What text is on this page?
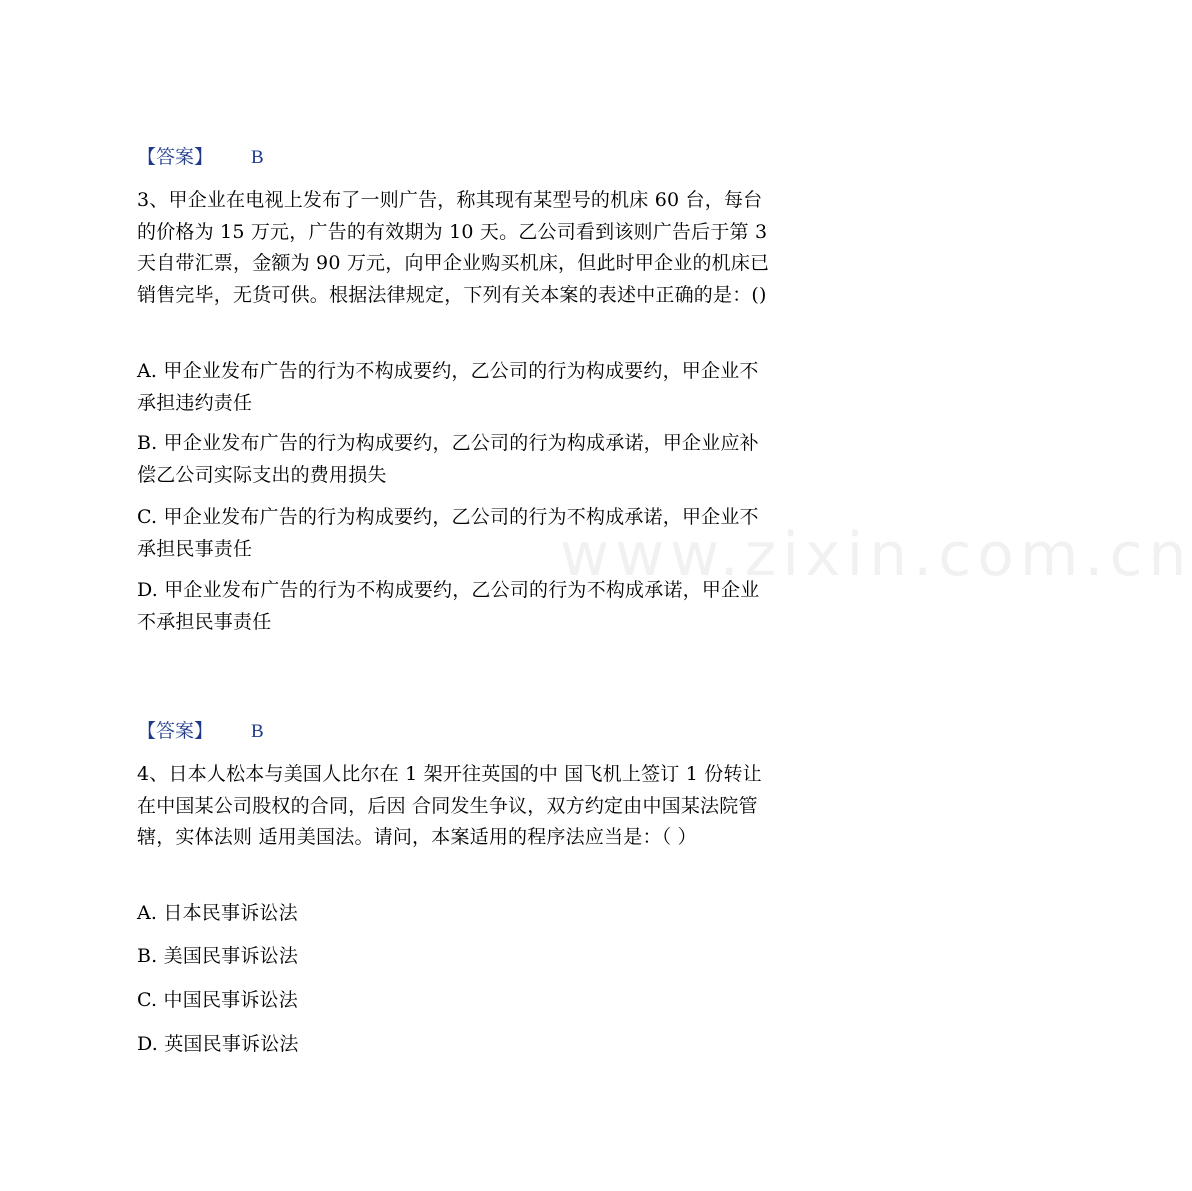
【答案】 B
3、甲企业在电视上发布了一则广告，称其现有某型号的机床 60 台，每台的价格为 15 万元，广告的有效期为 10 天。乙公司看到该则广告后于第 3 天自带汇票，金额为 90 万元，向甲企业购买机床，但此时甲企业的机床已销售完毕，无货可供。根据法律规定，下列有关本案的表述中正确的是：()
A. 甲企业发布广告的行为不构成要约，乙公司的行为构成要约，甲企业不承担违约责任
B. 甲企业发布广告的行为构成要约，乙公司的行为构成承诺，甲企业应补偿乙公司实际支出的费用损失
C. 甲企业发布广告的行为构成要约，乙公司的行为不构成承诺，甲企业不承担民事责任
D. 甲企业发布广告的行为不构成要约，乙公司的行为不构成承诺，甲企业不承担民事责任
【答案】 B
4、日本人松本与美国人比尔在 1 架开往英国的中 国飞机上签订 1 份转让在中国某公司股权的合同，后因 合同发生争议，双方约定由中国某法院管辖，实体法则 适用美国法。请问，本案适用的程序法应当是：（ ）
A. 日本民事诉讼法
B. 美国民事诉讼法
C. 中国民事诉讼法
D. 英国民事诉讼法
www.zixin.com.cn
